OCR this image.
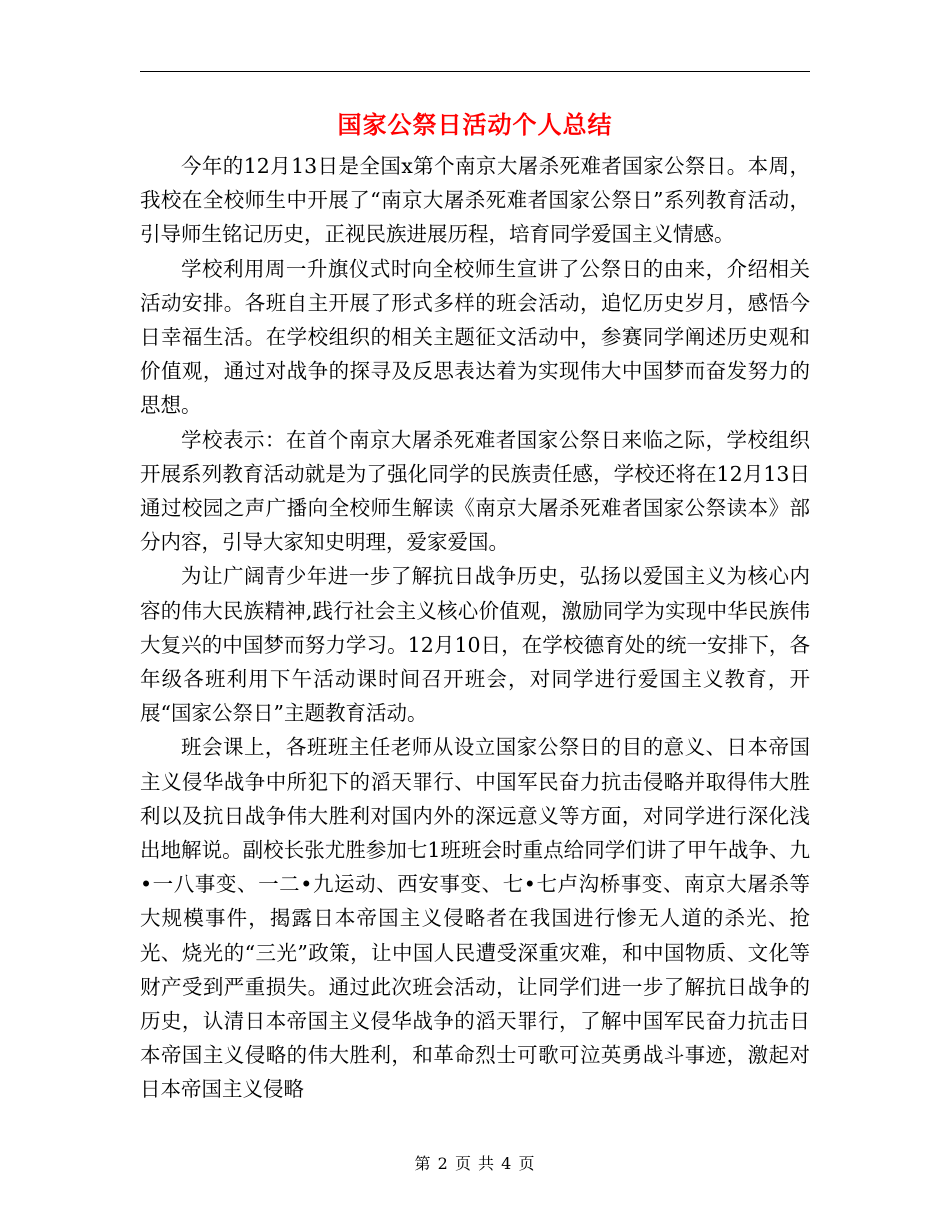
国家公祭日活动个人总结

今年的12月13日是全国x第个南京大屠杀死难者国家公祭日。本周，我校在全校师生中开展了“南京大屠杀死难者国家公祭日”系列教育活动，引导师生铭记历史，正视民族进展历程，培育同学爱国主义情感。

学校利用周一升旗仪式时向全校师生宣讲了公祭日的由来，介绍相关活动安排。各班自主开展了形式多样的班会活动，追忆历史岁月，感悟今日幸福生活。在学校组织的相关主题征文活动中，参赛同学阐述历史观和价值观，通过对战争的探寻及反思表达着为实现伟大中国梦而奋发努力的思想。

学校表示：在首个南京大屠杀死难者国家公祭日来临之际，学校组织开展系列教育活动就是为了强化同学的民族责任感，学校还将在12月13日通过校园之声广播向全校师生解读《南京大屠杀死难者国家公祭读本》部分内容，引导大家知史明理，爱家爱国。

为让广阔青少年进一步了解抗日战争历史，弘扬以爱国主义为核心内容的伟大民族精神,践行社会主义核心价值观，激励同学为实现中华民族伟大复兴的中国梦而努力学习。12月10日，在学校德育处的统一安排下，各年级各班利用下午活动课时间召开班会，对同学进行爱国主义教育，开展“国家公祭日”主题教育活动。

班会课上，各班班主任老师从设立国家公祭日的目的意义、日本帝国主义侵华战争中所犯下的滔天罪行、中国军民奋力抗击侵略并取得伟大胜利以及抗日战争伟大胜利对国内外的深远意义等方面，对同学进行深化浅出地解说。副校长张尤胜参加七1班班会时重点给同学们讲了甲午战争、九•一八事变、一二•九运动、西安事变、七•七卢沟桥事变、南京大屠杀等大规模事件，揭露日本帝国主义侵略者在我国进行惨无人道的杀光、抢光、烧光的“三光”政策，让中国人民遭受深重灾难，和中国物质、文化等财产受到严重损失。通过此次班会活动，让同学们进一步了解抗日战争的历史，认清日本帝国主义侵华战争的滔天罪行，了解中国军民奋力抗击日本帝国主义侵略的伟大胜利，和革命烈士可歌可泣英勇战斗事迹，激起对日本帝国主义侵略

第 2 页 共 4 页
